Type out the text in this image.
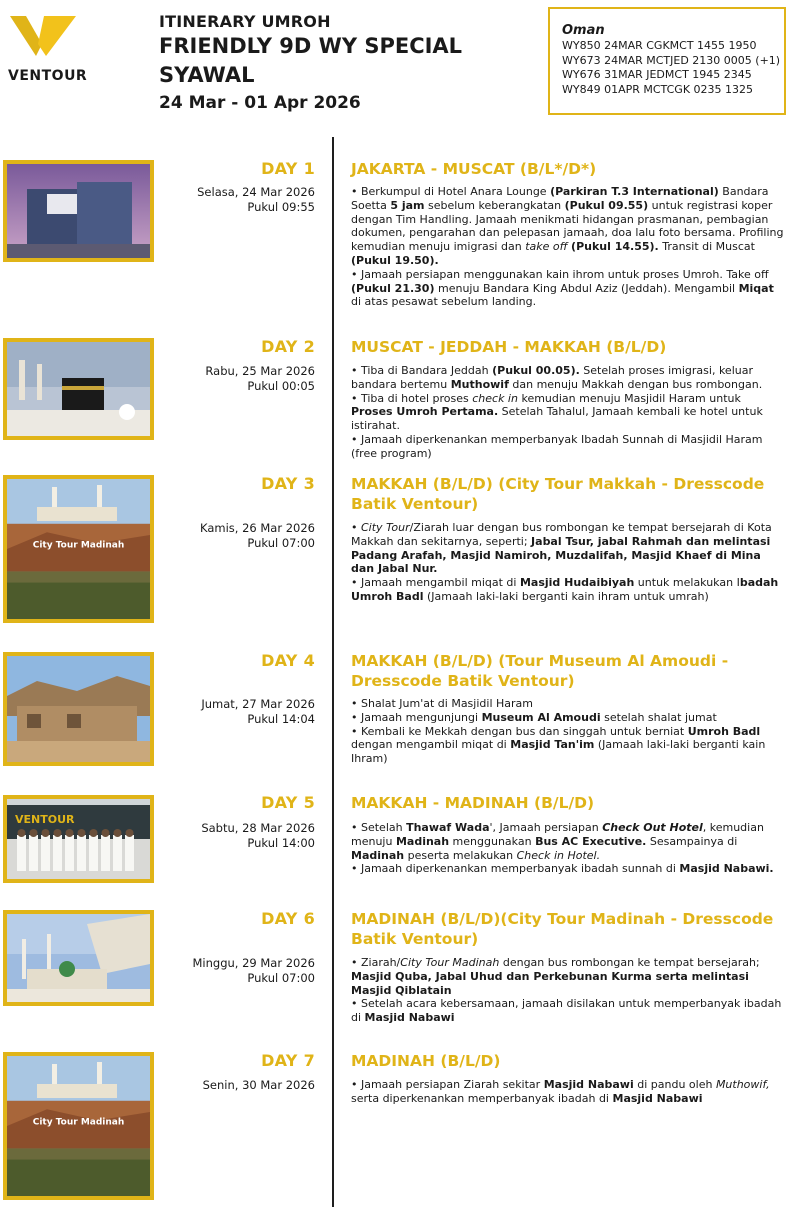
VENTOUR
ITINERARY UMROH
FRIENDLY 9D WY SPECIAL
SYAWAL
24 Mar - 01 Apr 2026
Oman
WY850 24MAR CGKMCT 1455 1950
WY673 24MAR MCTJED 2130 0005 (+1)
WY676 31MAR JEDMCT 1945 2345
WY849 01APR MCTCGK 0235 1325
DAY 1
Selasa, 24 Mar 2026
Pukul 09:55
JAKARTA - MUSCAT (B/L*/D*)

• Berkumpul di Hotel Anara Lounge (Parkiran T.3 International) Bandara Soetta 5 jam sebelum keberangkatan (Pukul 09.55) untuk registrasi koper dengan Tim Handling. Jamaah menikmati hidangan prasmanan, pembagian dokumen, pengarahan dan pelepasan jamaah, doa lalu foto bersama. Profiling kemudian menuju imigrasi dan take off (Pukul 14.55). Transit di Muscat (Pukul 19.50).

• Jamaah persiapan menggunakan kain ihrom untuk proses Umroh. Take off (Pukul 21.30) menuju Bandara King Abdul Aziz (Jeddah). Mengambil Miqat di atas pesawat sebelum landing.

DAY 2
Rabu, 25 Mar 2026
Pukul 00:05
MUSCAT - JEDDAH - MAKKAH (B/L/D)

• Tiba di Bandara Jeddah (Pukul 00.05). Setelah proses imigrasi, keluar bandara bertemu Muthowif dan menuju Makkah dengan bus rombongan.

• Tiba di hotel proses check in kemudian menuju Masjidil Haram untuk Proses Umroh Pertama. Setelah Tahalul, Jamaah kembali ke hotel untuk istirahat.

• Jamaah diperkenankan memperbanyak Ibadah Sunnah di Masjidil Haram (free program)

City Tour Madinah
DAY 3
Kamis, 26 Mar 2026
Pukul 07:00
MAKKAH (B/L/D) (City Tour Makkah - Dresscode Batik Ventour)

• City Tour/Ziarah luar dengan bus rombongan ke tempat bersejarah di Kota Makkah dan sekitarnya, seperti; Jabal Tsur, jabal Rahmah dan melintasi Padang Arafah, Masjid Namiroh, Muzdalifah, Masjid Khaef di Mina dan Jabal Nur.

• Jamaah mengambil miqat di Masjid Hudaibiyah untuk melakukan Ibadah Umroh Badl (Jamaah laki-laki berganti kain ihram untuk umrah)

DAY 4
Jumat, 27 Mar 2026
Pukul 14:04
MAKKAH (B/L/D) (Tour Museum Al Amoudi - Dresscode Batik Ventour)

• Shalat Jum'at di Masjidil Haram

• Jamaah mengunjungi Museum Al Amoudi setelah shalat jumat

• Kembali ke Mekkah dengan bus dan singgah untuk berniat Umroh Badl dengan mengambil miqat di Masjid Tan'im (Jamaah laki-laki berganti kain Ihram)

VENTOUR
DAY 5
Sabtu, 28 Mar 2026
Pukul 14:00
MAKKAH - MADINAH (B/L/D)

• Setelah Thawaf Wada', Jamaah persiapan Check Out Hotel, kemudian menuju Madinah menggunakan Bus AC Executive. Sesampainya di Madinah peserta melakukan Check in Hotel.

• Jamaah diperkenankan memperbanyak ibadah sunnah di Masjid Nabawi.

DAY 6
Minggu, 29 Mar 2026
Pukul 07:00
MADINAH (B/L/D)(City Tour Madinah - Dresscode Batik Ventour)

• Ziarah/City Tour Madinah dengan bus rombongan ke tempat bersejarah; Masjid Quba, Jabal Uhud dan Perkebunan Kurma serta melintasi Masjid Qiblatain

• Setelah acara kebersamaan, jamaah disilakan untuk memperbanyak ibadah di Masjid Nabawi

City Tour Madinah
DAY 7
Senin, 30 Mar 2026
MADINAH (B/L/D)

• Jamaah persiapan Ziarah sekitar Masjid Nabawi di pandu oleh Muthowif, serta diperkenankan memperbanyak ibadah di Masjid Nabawi
